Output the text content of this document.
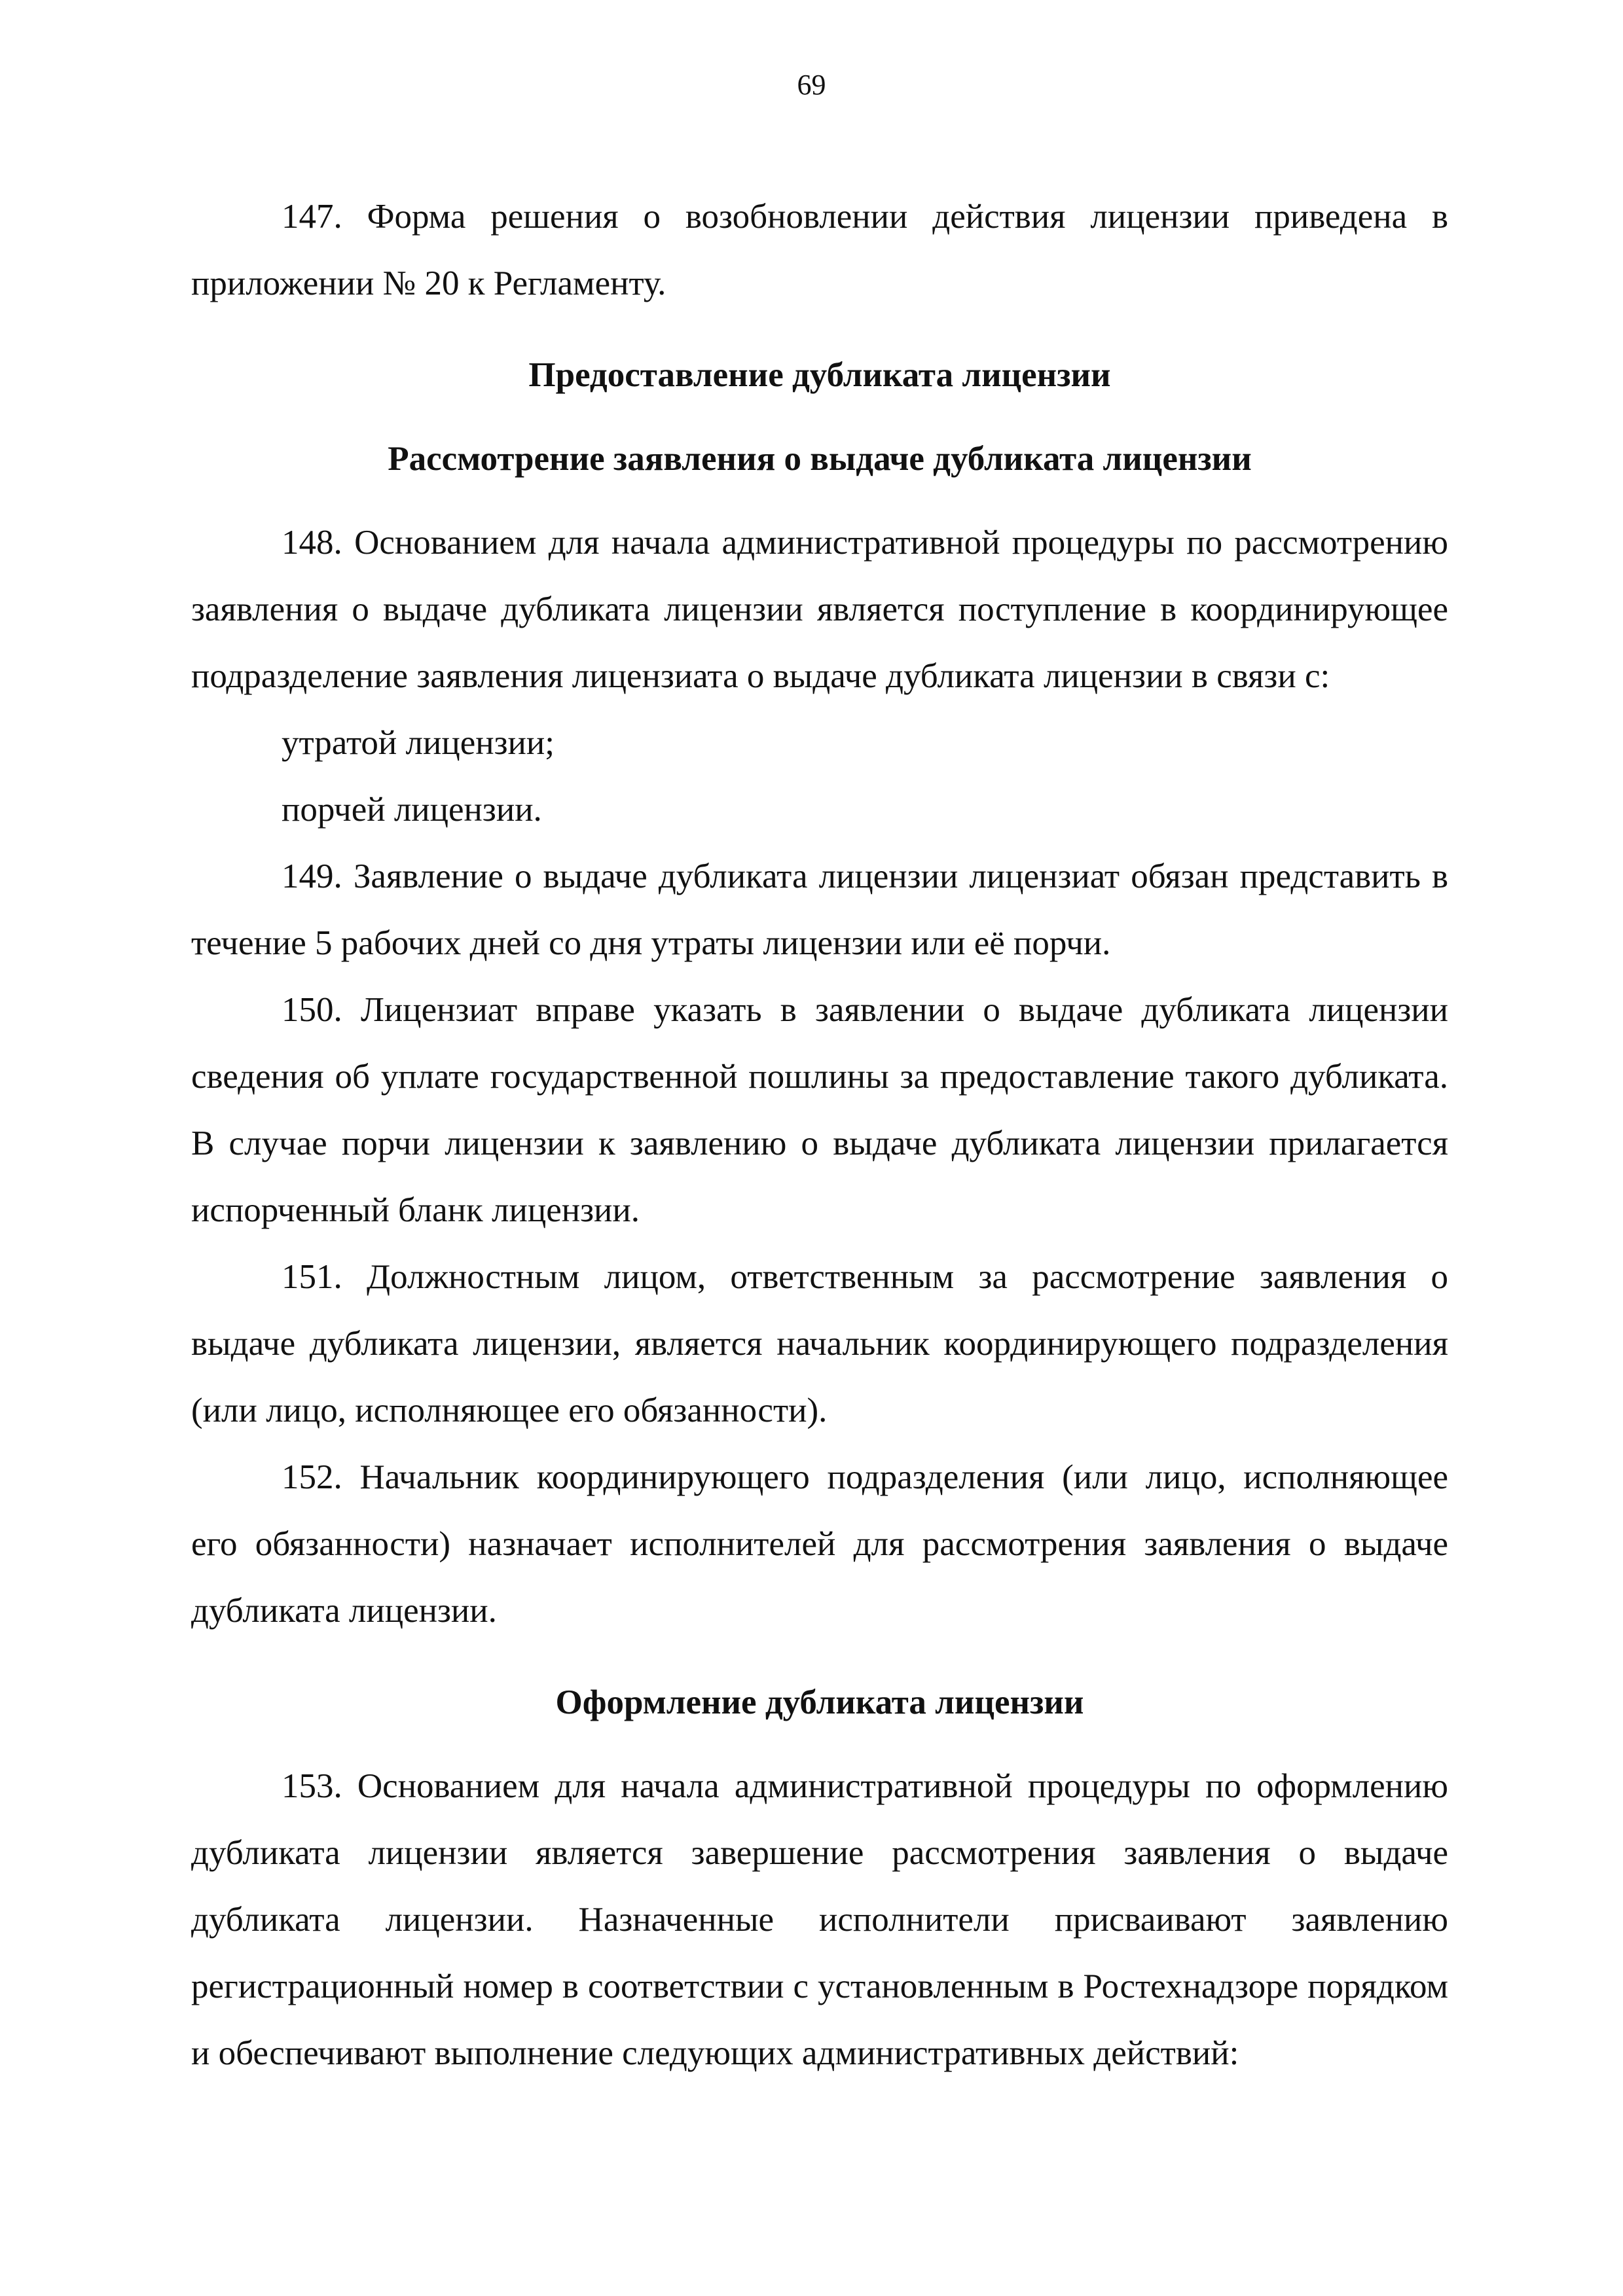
69

147. Форма решения о возобновлении действия лицензии приведена в приложении № 20 к Регламенту.

Предоставление дубликата лицензии

Рассмотрение заявления о выдаче дубликата лицензии

148. Основанием для начала административной процедуры по рассмотрению заявления о выдаче дубликата лицензии является поступление в координирующее подразделение заявления лицензиата о выдаче дубликата лицензии в связи с:

утратой лицензии;

порчей лицензии.

149. Заявление о выдаче дубликата лицензии лицензиат обязан представить в течение 5 рабочих дней со дня утраты лицензии или её порчи.

150. Лицензиат вправе указать в заявлении о выдаче дубликата лицензии сведения об уплате государственной пошлины за предоставление такого дубликата. В случае порчи лицензии к заявлению о выдаче дубликата лицензии прилагается испорченный бланк лицензии.

151. Должностным лицом, ответственным за рассмотрение заявления о выдаче дубликата лицензии, является начальник координирующего подразделения (или лицо, исполняющее его обязанности).

152. Начальник координирующего подразделения (или лицо, исполняющее его обязанности) назначает исполнителей для рассмотрения заявления о выдаче дубликата лицензии.

Оформление дубликата лицензии

153. Основанием для начала административной процедуры по оформлению дубликата лицензии является завершение рассмотрения заявления о выдаче дубликата лицензии. Назначенные исполнители присваивают заявлению регистрационный номер в соответствии с установленным в Ростехнадзоре порядком и обеспечивают выполнение следующих административных действий:
